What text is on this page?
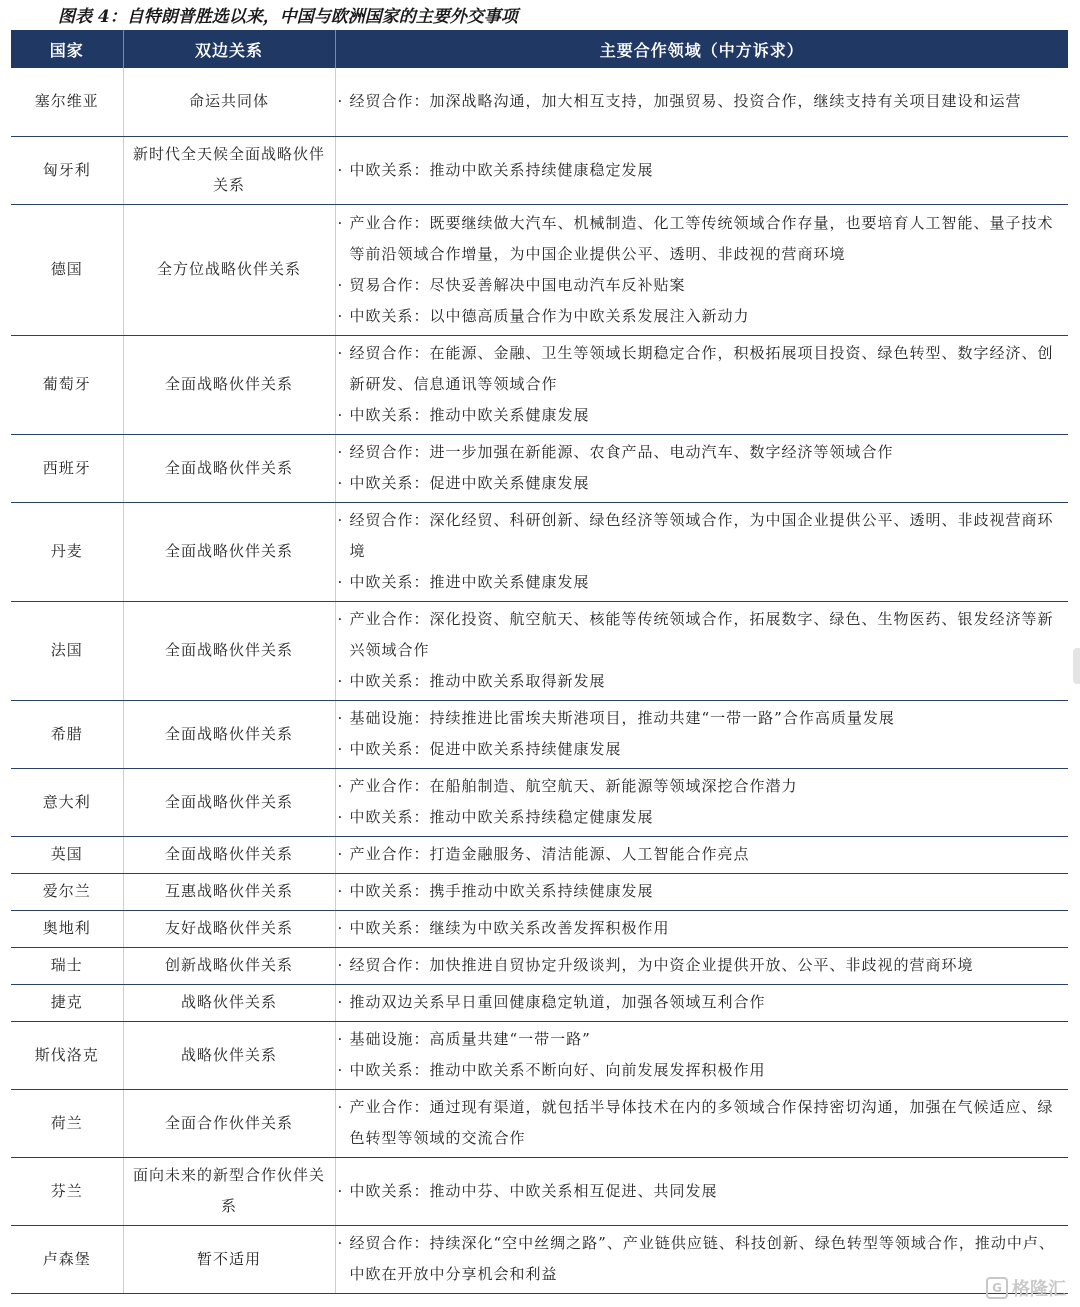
图表 4：自特朗普胜选以来，中国与欧洲国家的主要外交事项
国家	双边关系	主要合作领域（中方诉求）
塞尔维亚	命运共同体	· 经贸合作：加深战略沟通，加大相互支持，加强贸易、投资合作，继续支持有关项目建设和运营

匈牙利	新时代全天候全面战略伙伴关系	· 中欧关系：推动中欧关系持续健康稳定发展

德国	全方位战略伙伴关系	· 产业合作：既要继续做大汽车、机械制造、化工等传统领域合作存量，也要培育人工智能、量子技术等前沿领域合作增量，为中国企业提供公平、透明、非歧视的营商环境
· 贸易合作：尽快妥善解决中国电动汽车反补贴案
· 中欧关系：以中德高质量合作为中欧关系发展注入新动力

葡萄牙	全面战略伙伴关系	· 经贸合作：在能源、金融、卫生等领域长期稳定合作，积极拓展项目投资、绿色转型、数字经济、创新研发、信息通讯等领域合作
· 中欧关系：推动中欧关系健康发展

西班牙	全面战略伙伴关系	· 经贸合作：进一步加强在新能源、农食产品、电动汽车、数字经济等领域合作
· 中欧关系：促进中欧关系健康发展

丹麦	全面战略伙伴关系	· 经贸合作：深化经贸、科研创新、绿色经济等领域合作，为中国企业提供公平、透明、非歧视营商环境
· 中欧关系：推进中欧关系健康发展

法国	全面战略伙伴关系	· 产业合作：深化投资、航空航天、核能等传统领域合作，拓展数字、绿色、生物医药、银发经济等新兴领域合作
· 中欧关系：推动中欧关系取得新发展

希腊	全面战略伙伴关系	· 基础设施：持续推进比雷埃夫斯港项目，推动共建“一带一路”合作高质量发展
· 中欧关系：促进中欧关系持续健康发展

意大利	全面战略伙伴关系	· 产业合作：在船舶制造、航空航天、新能源等领域深挖合作潜力
· 中欧关系：推动中欧关系持续稳定健康发展

英国	全面战略伙伴关系	· 产业合作：打造金融服务、清洁能源、人工智能合作亮点

爱尔兰	互惠战略伙伴关系	· 中欧关系：携手推动中欧关系持续健康发展

奥地利	友好战略伙伴关系	· 中欧关系：继续为中欧关系改善发挥积极作用

瑞士	创新战略伙伴关系	· 经贸合作：加快推进自贸协定升级谈判，为中资企业提供开放、公平、非歧视的营商环境

捷克	战略伙伴关系	· 推动双边关系早日重回健康稳定轨道，加强各领域互利合作

斯伐洛克	战略伙伴关系	· 基础设施：高质量共建“一带一路”
· 中欧关系：推动中欧关系不断向好、向前发展发挥积极作用

荷兰	全面合作伙伴关系	· 产业合作：通过现有渠道，就包括半导体技术在内的多领域合作保持密切沟通，加强在气候适应、绿色转型等领域的交流合作

芬兰	面向未来的新型合作伙伴关系	· 中欧关系：推动中芬、中欧关系相互促进、共同发展

卢森堡	暂不适用	· 经贸合作：持续深化“空中丝绸之路”、产业链供应链、科技创新、绿色转型等领域合作，推动中卢、中欧在开放中分享机会和利益
G 格隆汇
